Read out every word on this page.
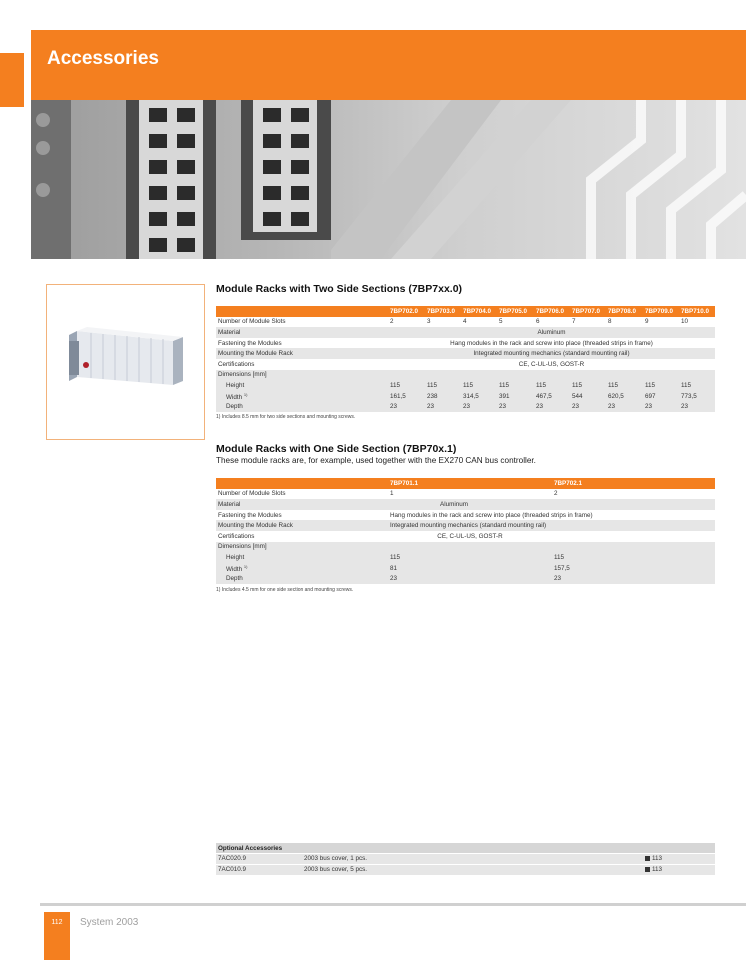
Accessories
Module Racks with Two Side Sections (7BP7xx.0)
	7BP702.0	7BP703.0	7BP704.0	7BP705.0	7BP706.0	7BP707.0	7BP708.0	7BP709.0	7BP710.0
Number of Module Slots	2	3	4	5	6	7	8	9	10
Material	Aluminum								
Fastening the Modules	Hang modules in the rack and screw into place (threaded strips in frame)								
Mounting the Module Rack	Integrated mounting mechanics (standard mounting rail)								
Certifications	CE, C-UL-US, GOST-R								
Dimensions [mm]									
Height	115	115	115	115	115	115	115	115	115
Width $^{1)}$	161,5	238	314,5	391	467,5	544	620,5	697	773,5
Depth	23	23	23	23	23	23	23	23	23
1) Includes 8.5 mm for two side sections and mounting screws.
Module Racks with One Side Section (7BP70x.1)
These module racks are, for example, used together with the EX270 CAN bus controller.
	7BP701.1	7BP702.1
Number of Module Slots	1	2
Material	Aluminum	
Fastening the Modules	Hang modules in the rack and screw into place (threaded strips in frame)	
Mounting the Module Rack	Integrated mounting mechanics (standard mounting rail)	
Certifications	CE, C-UL-US, GOST-R	
Dimensions [mm]		
Height	115	115
Width $^{1)}$	81	157,5
Depth	23	23
1) Includes 4.5 mm for one side section and mounting screws.
Optional Accessories		
7AC020.9	2003 bus cover, 1 pcs.	113
7AC010.9	2003 bus cover, 5 pcs.	113
112	System 2003
